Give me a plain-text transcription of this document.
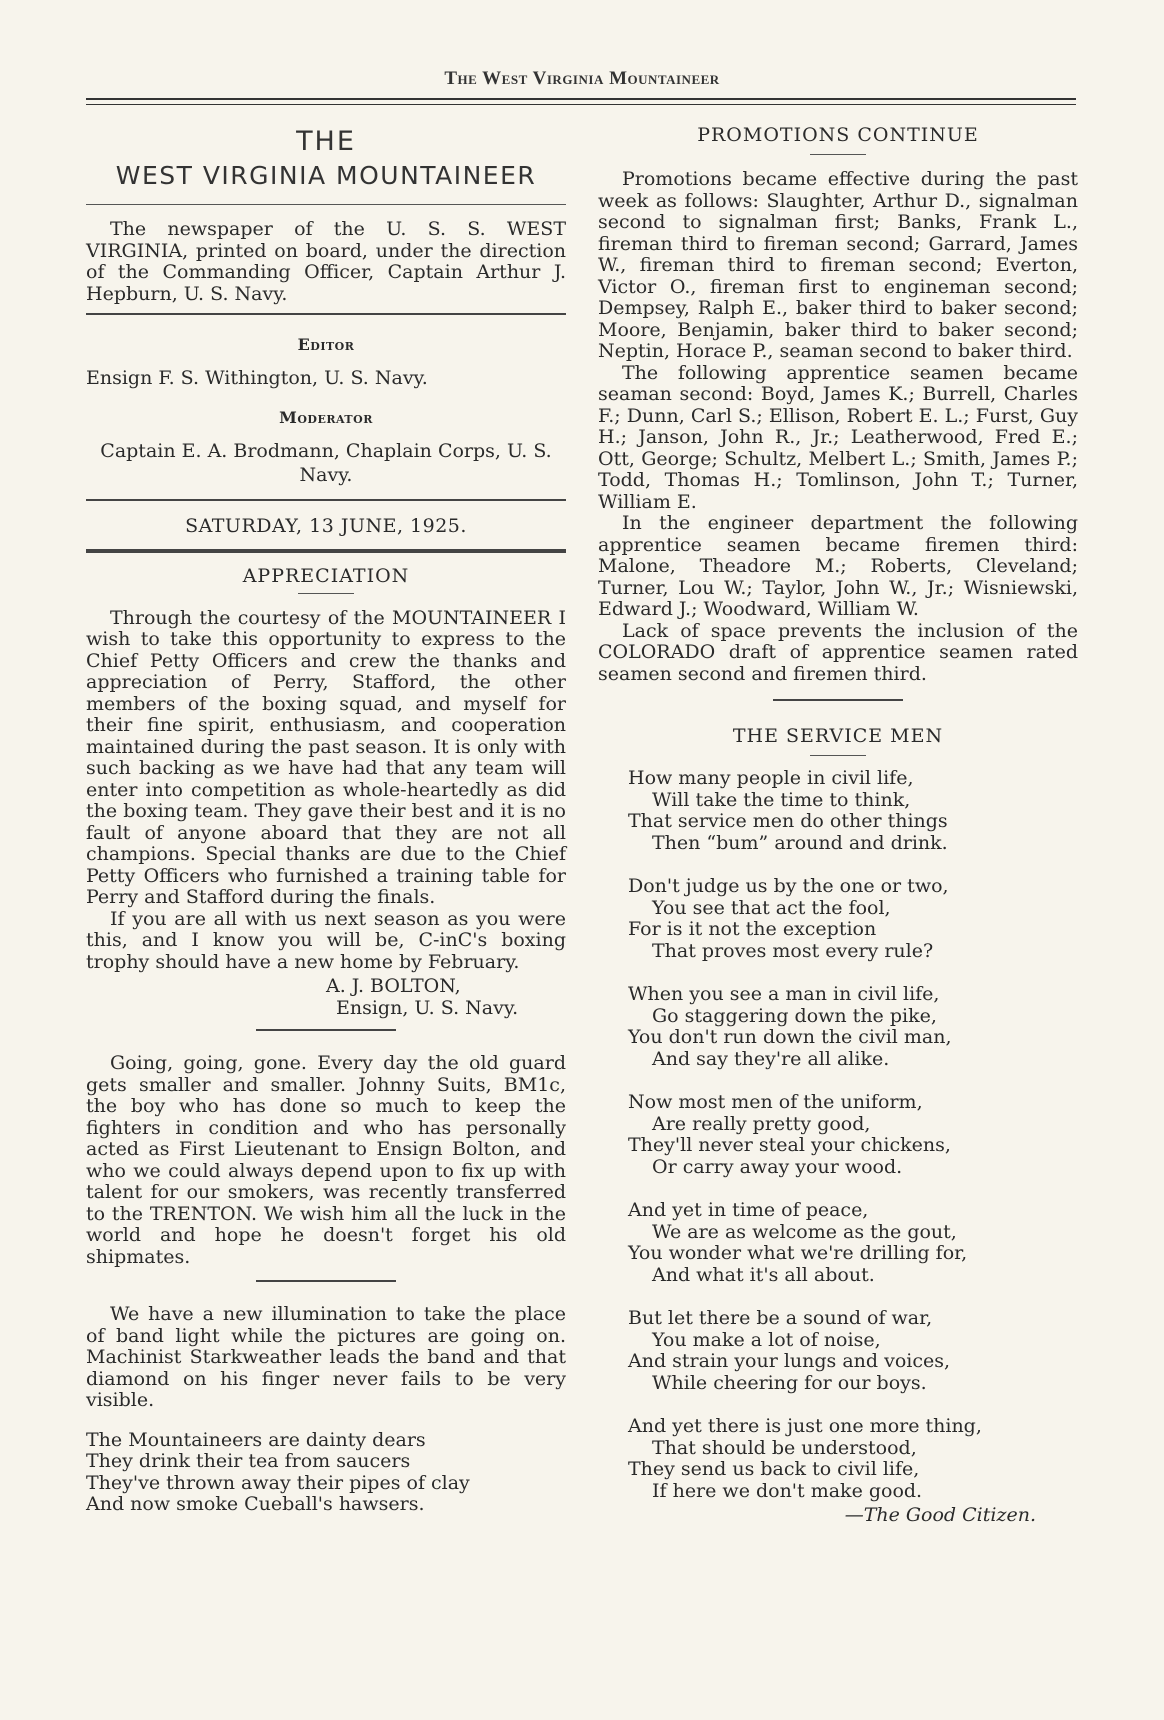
The West Virginia Mountaineer
THE
WEST VIRGINIA MOUNTAINEER

The newspaper of the U. S. S. WEST VIRGINIA, printed on board, under the direction of the Commanding Officer, Captain Arthur J. Hepburn, U. S. Navy.

Editor

Ensign F. S. Withington, U. S. Navy.

Moderator

Captain E. A. Brodmann, Chaplain Corps, U. S. Navy.

SATURDAY, 13 JUNE, 1925.
APPRECIATION

Through the courtesy of the MOUNTAINEER I wish to take this opportunity to express to the Chief Petty Officers and crew the thanks and appreciation of Perry, Stafford, the other members of the boxing squad, and myself for their fine spirit, enthusiasm, and cooperation maintained during the past season. It is only with such backing as we have had that any team will enter into competition as whole-heartedly as did the boxing team. They gave their best and it is no fault of anyone aboard that they are not all champions. Special thanks are due to the Chief Petty Officers who furnished a training table for Perry and Stafford during the finals.

If you are all with us next season as you were this, and I know you will be, C-inC's boxing trophy should have a new home by February.

A. J. BOLTON,
Ensign, U. S. Navy.

Going, going, gone. Every day the old guard gets smaller and smaller. Johnny Suits, BM1c, the boy who has done so much to keep the fighters in condition and who has personally acted as First Lieutenant to Ensign Bolton, and who we could always depend upon to fix up with talent for our smokers, was recently transferred to the TRENTON. We wish him all the luck in the world and hope he doesn't forget his old shipmates.

We have a new illumination to take the place of band light while the pictures are going on. Machinist Starkweather leads the band and that diamond on his finger never fails to be very visible.

The Mountaineers are dainty dears
They drink their tea from saucers
They've thrown away their pipes of clay
And now smoke Cueball's hawsers.
PROMOTIONS CONTINUE

Promotions became effective during the past week as follows: Slaughter, Arthur D., signalman second to signalman first; Banks, Frank L., fireman third to fireman second; Garrard, James W., fireman third to fireman second; Everton, Victor O., fireman first to engineman second; Dempsey, Ralph E., baker third to baker second; Moore, Benjamin, baker third to baker second; Neptin, Horace P., seaman second to baker third.

The following apprentice seamen became seaman second: Boyd, James K.; Burrell, Charles F.; Dunn, Carl S.; Ellison, Robert E. L.; Furst, Guy H.; Janson, John R., Jr.; Leatherwood, Fred E.; Ott, George; Schultz, Melbert L.; Smith, James P.; Todd, Thomas H.; Tomlinson, John T.; Turner, William E.

In the engineer department the following apprentice seamen became firemen third: Malone, Theadore M.; Roberts, Cleveland; Turner, Lou W.; Taylor, John W., Jr.; Wisniewski, Edward J.; Woodward, William W.

Lack of space prevents the inclusion of the COLORADO draft of apprentice seamen rated seamen second and firemen third.

THE SERVICE MEN
How many people in civil life,
Will take the time to think,
That service men do other things
Then “bum” around and drink.
Don't judge us by the one or two,
You see that act the fool,
For is it not the exception
That proves most every rule?
When you see a man in civil life,
Go staggering down the pike,
You don't run down the civil man,
And say they're all alike.
Now most men of the uniform,
Are really pretty good,
They'll never steal your chickens,
Or carry away your wood.
And yet in time of peace,
We are as welcome as the gout,
You wonder what we're drilling for,
And what it's all about.
But let there be a sound of war,
You make a lot of noise,
And strain your lungs and voices,
While cheering for our boys.
And yet there is just one more thing,
That should be understood,
They send us back to civil life,
If here we don't make good.
—The Good Citizen.
